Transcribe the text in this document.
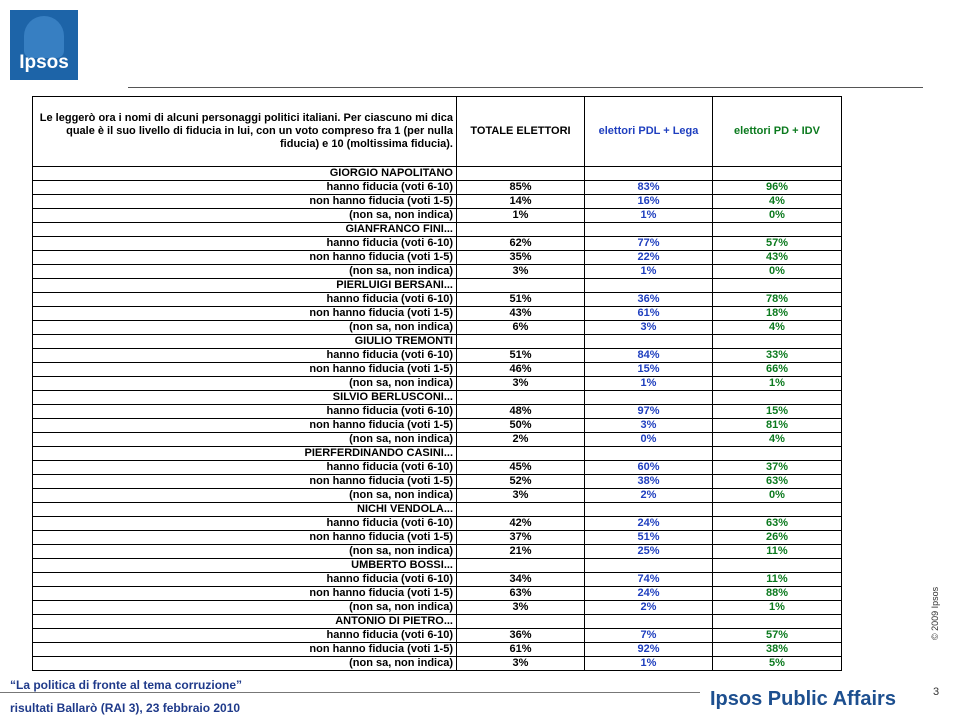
Ipsos
Le leggerò ora i nomi di alcuni personaggi politici italiani. Per ciascuno mi dica quale è il suo livello di fiducia in lui, con un voto compreso fra 1 (per nulla fiducia) e 10 (moltissima fiducia).	TOTALE ELETTORI	elettori PDL + Lega	elettori PD + IDV
GIORGIO NAPOLITANO			
hanno fiducia (voti 6-10)	85%	83%	96%
non hanno fiducia (voti 1-5)	14%	16%	4%
(non sa, non indica)	1%	1%	0%
GIANFRANCO FINI...			
hanno fiducia (voti 6-10)	62%	77%	57%
non hanno fiducia (voti 1-5)	35%	22%	43%
(non sa, non indica)	3%	1%	0%
PIERLUIGI BERSANI...			
hanno fiducia (voti 6-10)	51%	36%	78%
non hanno fiducia (voti 1-5)	43%	61%	18%
(non sa, non indica)	6%	3%	4%
GIULIO TREMONTI			
hanno fiducia (voti 6-10)	51%	84%	33%
non hanno fiducia (voti 1-5)	46%	15%	66%
(non sa, non indica)	3%	1%	1%
SILVIO BERLUSCONI...			
hanno fiducia (voti 6-10)	48%	97%	15%
non hanno fiducia (voti 1-5)	50%	3%	81%
(non sa, non indica)	2%	0%	4%
PIERFERDINANDO CASINI...			
hanno fiducia (voti 6-10)	45%	60%	37%
non hanno fiducia (voti 1-5)	52%	38%	63%
(non sa, non indica)	3%	2%	0%
NICHI VENDOLA...			
hanno fiducia (voti 6-10)	42%	24%	63%
non hanno fiducia (voti 1-5)	37%	51%	26%
(non sa, non indica)	21%	25%	11%
UMBERTO BOSSI...			
hanno fiducia (voti 6-10)	34%	74%	11%
non hanno fiducia (voti 1-5)	63%	24%	88%
(non sa, non indica)	3%	2%	1%
ANTONIO DI PIETRO...			
hanno fiducia (voti 6-10)	36%	7%	57%
non hanno fiducia (voti 1-5)	61%	92%	38%
(non sa, non indica)	3%	1%	5%
© 2009 Ipsos
“La politica di fronte al tema corruzione”
risultati Ballarò (RAI 3), 23 febbraio 2010	Ipsos Public Affairs	3
